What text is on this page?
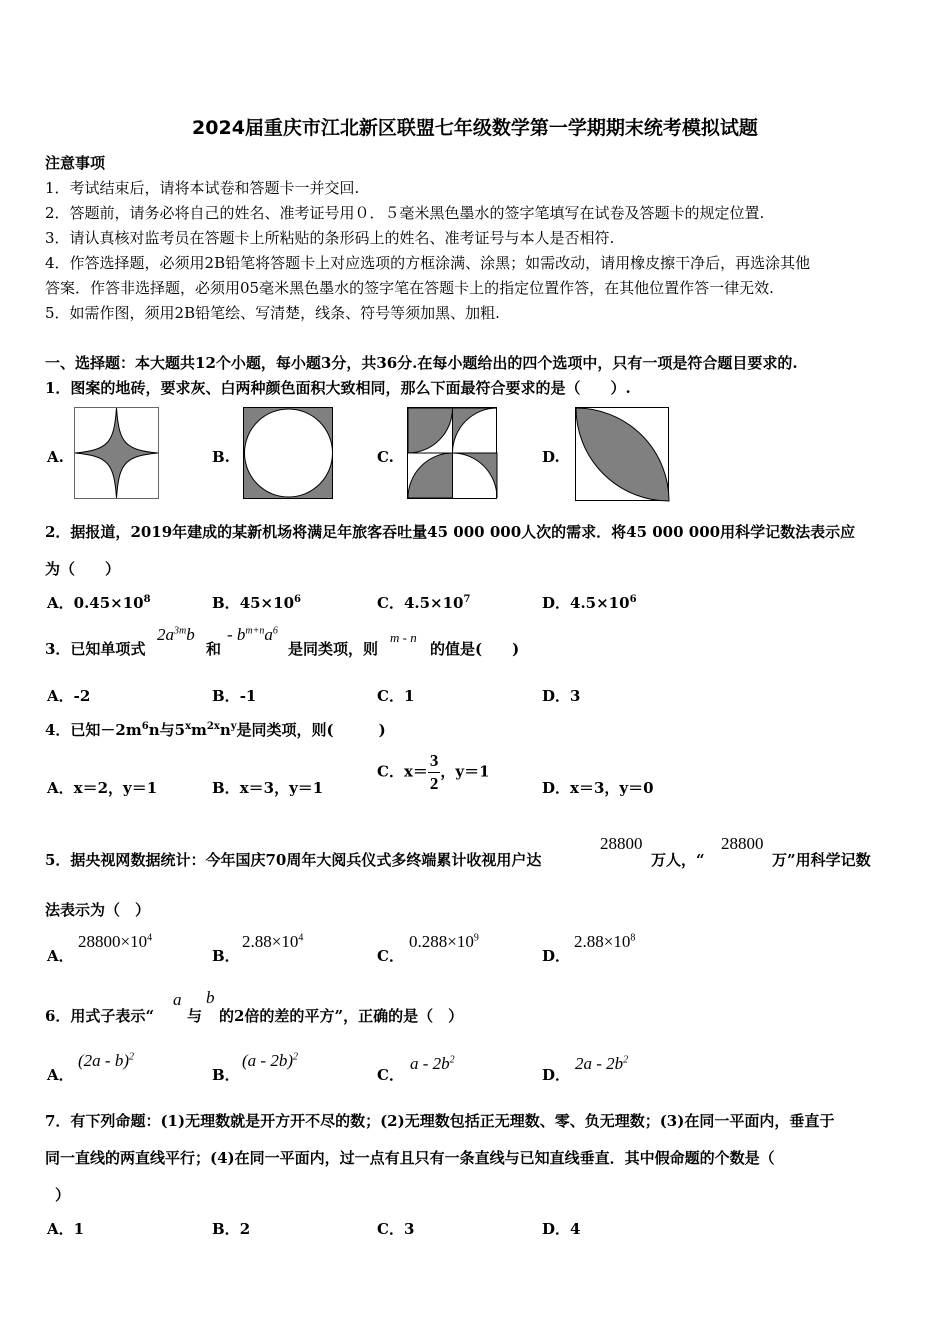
2024届重庆市江北新区联盟七年级数学第一学期期末统考模拟试题
注意事项
1．考试结束后，请将本试卷和答题卡一并交回.
2．答题前，请务必将自己的姓名、准考证号用０．５毫米黑色墨水的签字笔填写在试卷及答题卡的规定位置.
3．请认真核对监考员在答题卡上所粘贴的条形码上的姓名、准考证号与本人是否相符.
4．作答选择题，必须用2B铅笔将答题卡上对应选项的方框涂满、涂黑；如需改动，请用橡皮擦干净后，再选涂其他
答案．作答非选择题，必须用05毫米黑色墨水的签字笔在答题卡上的指定位置作答，在其他位置作答一律无效.
5．如需作图，须用2B铅笔绘、写清楚，线条、符号等须加黑、加粗.
一、选择题：本大题共12个小题，每小题3分，共36分.在每小题给出的四个选项中，只有一项是符合题目要求的.
1．图案的地砖，要求灰、白两种颜色面积大致相同，那么下面最符合要求的是（　　）.
A.	B.	C.	D.
2．据报道，2019年建成的某新机场将满足年旅客吞吐量45 000 000人次的需求．将45 000 000用科学记数法表示应
为（　　）
A．$0.45\times 10^8$	B．$45\times 10^6$	C．$4.5\times 10^7$	D．$4.5\times 10^6$
3．已知单项式
$2a^{3m}b$
和
- $b^{m+n}a^6$
是同类项，则
m - n
的值是(　　)
A．-2	B．-1	C．1	D．3
4．已知$-2m^6n$与$5^xm^{2x}n^y$是同类项，则(　　　)
A．x＝2，y＝1	B．x＝3，y＝1
C．$x= \frac{3}{2}$ ，y＝1
D．x＝3，y＝0
5．据央视网数据统计：今年国庆70周年大阅兵仪式多终端累计收视用户达
28800
万人，“
28800
万”用科学记数
法表示为（　）
A．
$28800\times 10^4$
B．
$2.88\times 10^4$
C．
$0.288\times 10^9$
D．
$2.88\times 10^8$
6．用式子表示“
a
与
b
的2倍的差的平方”，正确的是（　）
A．
(2a - b)$^2$
B．
(a - 2b)$^2$
C．
a - $2b^2$
D．
$2a - 2b^2$
7．有下列命题：(1)无理数就是开方开不尽的数；(2)无理数包括正无理数、零、负无理数；(3)在同一平面内，垂直于
同一直线的两直线平行；(4)在同一平面内，过一点有且只有一条直线与已知直线垂直．其中假命题的个数是（
）
A．1	B．2	C．3	D．4
